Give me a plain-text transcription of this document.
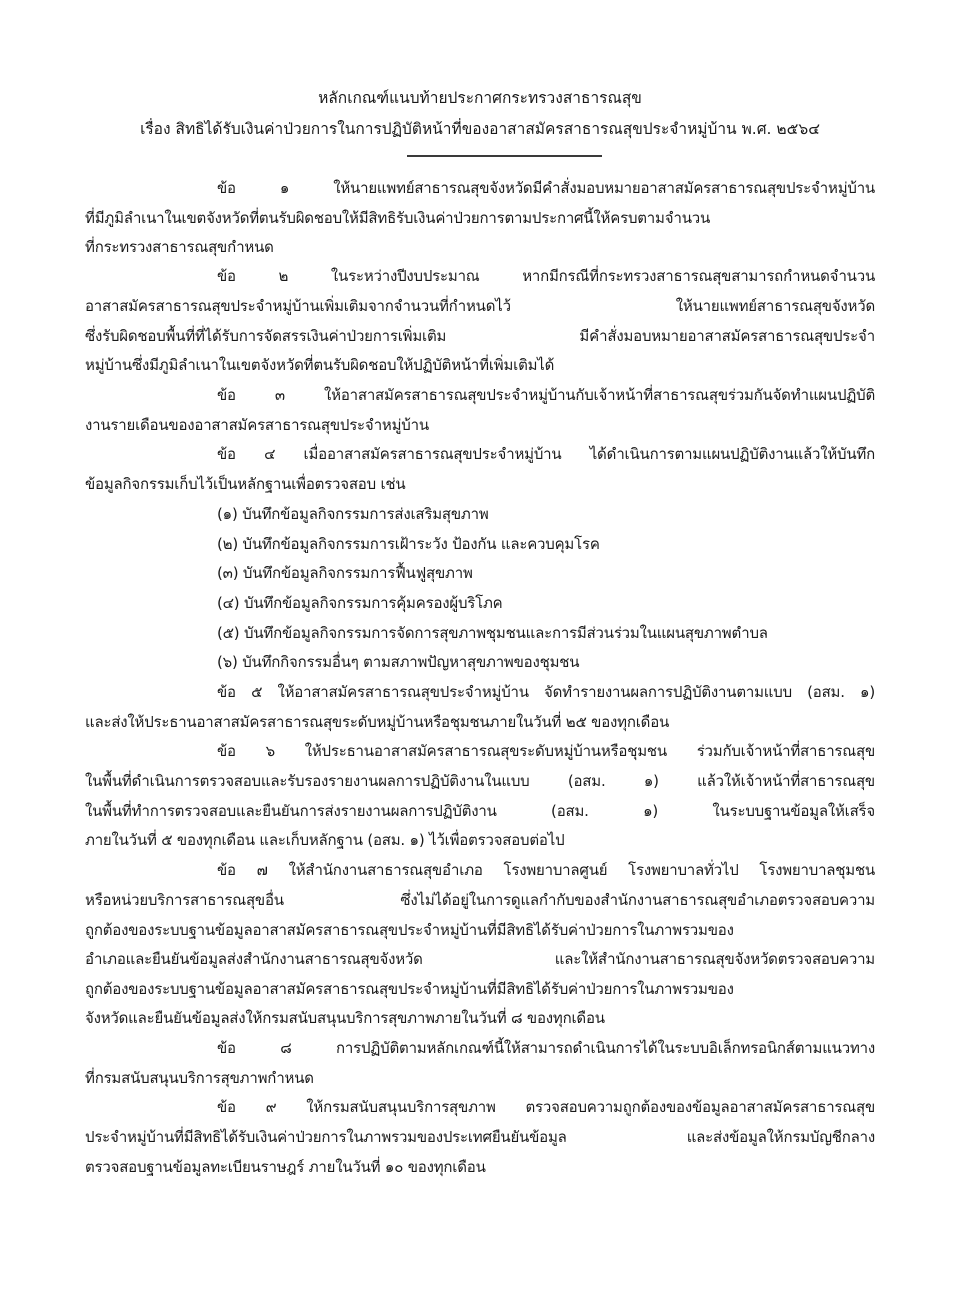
หลักเกณฑ์แนบท้ายประกาศกระทรวงสาธารณสุข
เรื่อง สิทธิได้รับเงินค่าป่วยการในการปฏิบัติหน้าที่ของอาสาสมัครสาธารณสุขประจำหมู่บ้าน พ.ศ. ๒๕๖๔
ข้อ ๑ ให้นายแพทย์สาธารณสุขจังหวัดมีคำสั่งมอบหมายอาสาสมัครสาธารณสุขประจำหมู่บ้าน
ที่มีภูมิลำเนาในเขตจังหวัดที่ตนรับผิดชอบให้มีสิทธิรับเงินค่าป่วยการตามประกาศนี้ให้ครบตามจำนวน
ที่กระทรวงสาธารณสุขกำหนด
ข้อ ๒ ในระหว่างปีงบประมาณ หากมีกรณีที่กระทรวงสาธารณสุขสามารถกำหนดจำนวน
อาสาสมัครสาธารณสุขประจำหมู่บ้านเพิ่มเติมจากจำนวนที่กำหนดไว้ ให้นายแพทย์สาธารณสุขจังหวัด
ซึ่งรับผิดชอบพื้นที่ที่ได้รับการจัดสรรเงินค่าป่วยการเพิ่มเติม มีคำสั่งมอบหมายอาสาสมัครสาธารณสุขประจำ
หมู่บ้านซึ่งมีภูมิลำเนาในเขตจังหวัดที่ตนรับผิดชอบให้ปฏิบัติหน้าที่เพิ่มเติมได้
ข้อ ๓ ให้อาสาสมัครสาธารณสุขประจำหมู่บ้านกับเจ้าหน้าที่สาธารณสุขร่วมกันจัดทำแผนปฏิบัติ
งานรายเดือนของอาสาสมัครสาธารณสุขประจำหมู่บ้าน
ข้อ ๔ เมื่ออาสาสมัครสาธารณสุขประจำหมู่บ้าน ได้ดำเนินการตามแผนปฏิบัติงานแล้วให้บันทึก
ข้อมูลกิจกรรมเก็บไว้เป็นหลักฐานเพื่อตรวจสอบ เช่น
(๑) บันทึกข้อมูลกิจกรรมการส่งเสริมสุขภาพ
(๒) บันทึกข้อมูลกิจกรรมการเฝ้าระวัง ป้องกัน และควบคุมโรค
(๓) บันทึกข้อมูลกิจกรรมการฟื้นฟูสุขภาพ
(๔) บันทึกข้อมูลกิจกรรมการคุ้มครองผู้บริโภค
(๕) บันทึกข้อมูลกิจกรรมการจัดการสุขภาพชุมชนและการมีส่วนร่วมในแผนสุขภาพตำบล
(๖) บันทึกกิจกรรมอื่นๆ ตามสภาพปัญหาสุขภาพของชุมชน
ข้อ ๕ ให้อาสาสมัครสาธารณสุขประจำหมู่บ้าน จัดทำรายงานผลการปฏิบัติงานตามแบบ (อสม. ๑)
และส่งให้ประธานอาสาสมัครสาธารณสุขระดับหมู่บ้านหรือชุมชนภายในวันที่ ๒๕ ของทุกเดือน
ข้อ ๖ ให้ประธานอาสาสมัครสาธารณสุขระดับหมู่บ้านหรือชุมชน ร่วมกับเจ้าหน้าที่สาธารณสุข
ในพื้นที่ดำเนินการตรวจสอบและรับรองรายงานผลการปฏิบัติงานในแบบ (อสม. ๑) แล้วให้เจ้าหน้าที่สาธารณสุข
ในพื้นที่ทำการตรวจสอบและยืนยันการส่งรายงานผลการปฏิบัติงาน (อสม. ๑) ในระบบฐานข้อมูลให้เสร็จ
ภายในวันที่ ๕ ของทุกเดือน และเก็บหลักฐาน (อสม. ๑) ไว้เพื่อตรวจสอบต่อไป
ข้อ ๗ ให้สำนักงานสาธารณสุขอำเภอ โรงพยาบาลศูนย์ โรงพยาบาลทั่วไป โรงพยาบาลชุมชน
หรือหน่วยบริการสาธารณสุขอื่น ซึ่งไม่ได้อยู่ในการดูแลกำกับของสำนักงานสาธารณสุขอำเภอตรวจสอบความ
ถูกต้องของระบบฐานข้อมูลอาสาสมัครสาธารณสุขประจำหมู่บ้านที่มีสิทธิได้รับค่าป่วยการในภาพรวมของ
อำเภอและยืนยันข้อมูลส่งสำนักงานสาธารณสุขจังหวัด และให้สำนักงานสาธารณสุขจังหวัดตรวจสอบความ
ถูกต้องของระบบฐานข้อมูลอาสาสมัครสาธารณสุขประจำหมู่บ้านที่มีสิทธิได้รับค่าป่วยการในภาพรวมของ
จังหวัดและยืนยันข้อมูลส่งให้กรมสนับสนุนบริการสุขภาพภายในวันที่ ๘ ของทุกเดือน
ข้อ ๘ การปฏิบัติตามหลักเกณฑ์นี้ให้สามารถดำเนินการได้ในระบบอิเล็กทรอนิกส์ตามแนวทาง
ที่กรมสนับสนุนบริการสุขภาพกำหนด
ข้อ ๙ ให้กรมสนับสนุนบริการสุขภาพ ตรวจสอบความถูกต้องของข้อมูลอาสาสมัครสาธารณสุข
ประจำหมู่บ้านที่มีสิทธิได้รับเงินค่าป่วยการในภาพรวมของประเทศยืนยันข้อมูล และส่งข้อมูลให้กรมบัญชีกลาง
ตรวจสอบฐานข้อมูลทะเบียนราษฎร์ ภายในวันที่ ๑๐ ของทุกเดือน
